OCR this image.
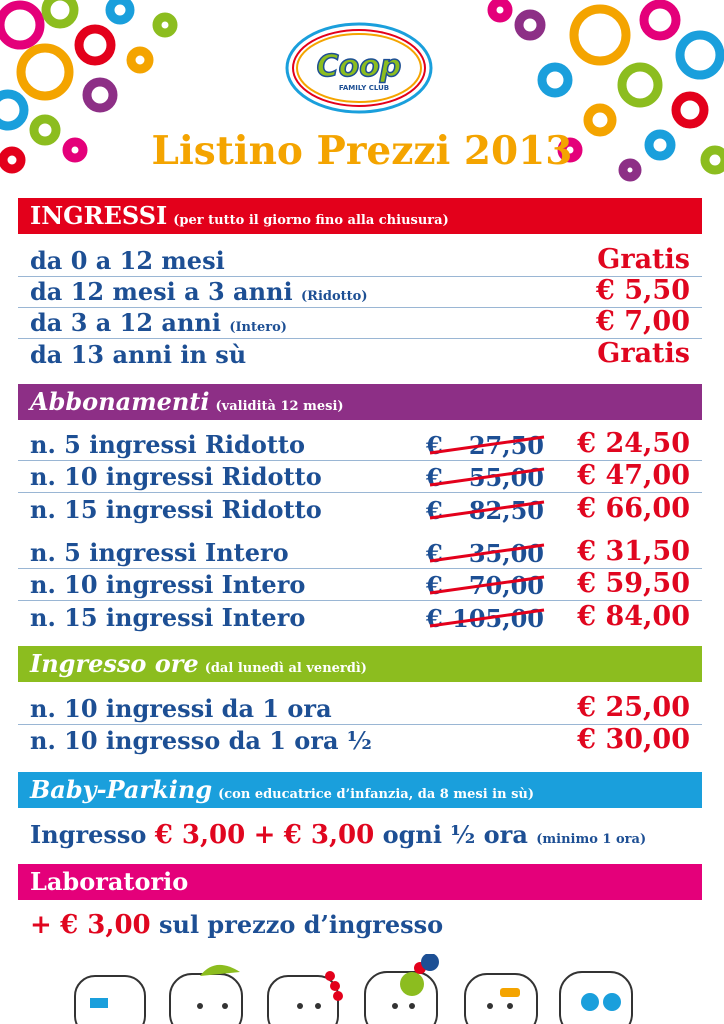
Coop
FAMILY CLUB
Listino Prezzi 2013
INGRESSI (per tutto il giorno fino alla chiusura)
da 0 a 12 mesi	Gratis
da 12 mesi a 3 anni (Ridotto)	€ 5,50
da 3 a 12 anni (Intero)	€ 7,00
da 13 anni in sù	Gratis
Abbonamenti (validità 12 mesi)
n. 5 ingressi Ridotto	€ 27,50 € 24,50
n. 10 ingressi Ridotto	€ 55,00 € 47,00
n. 15 ingressi Ridotto	€ 82,50 € 66,00
n. 5 ingressi Intero	€ 35,00 € 31,50
n. 10 ingressi Intero	€ 70,00 € 59,50
n. 15 ingressi Intero	€ 105,00 € 84,00
Ingresso ore (dal lunedì al venerdì)
n. 10 ingressi da 1 ora	€ 25,00
n. 10 ingresso da 1 ora ½	€ 30,00
Baby-Parking (con educatrice d’infanzia, da 8 mesi in sù)
Ingresso € 3,00 + € 3,00 ogni ½ ora (minimo 1 ora)
Laboratorio
+ € 3,00 sul prezzo d’ingresso
